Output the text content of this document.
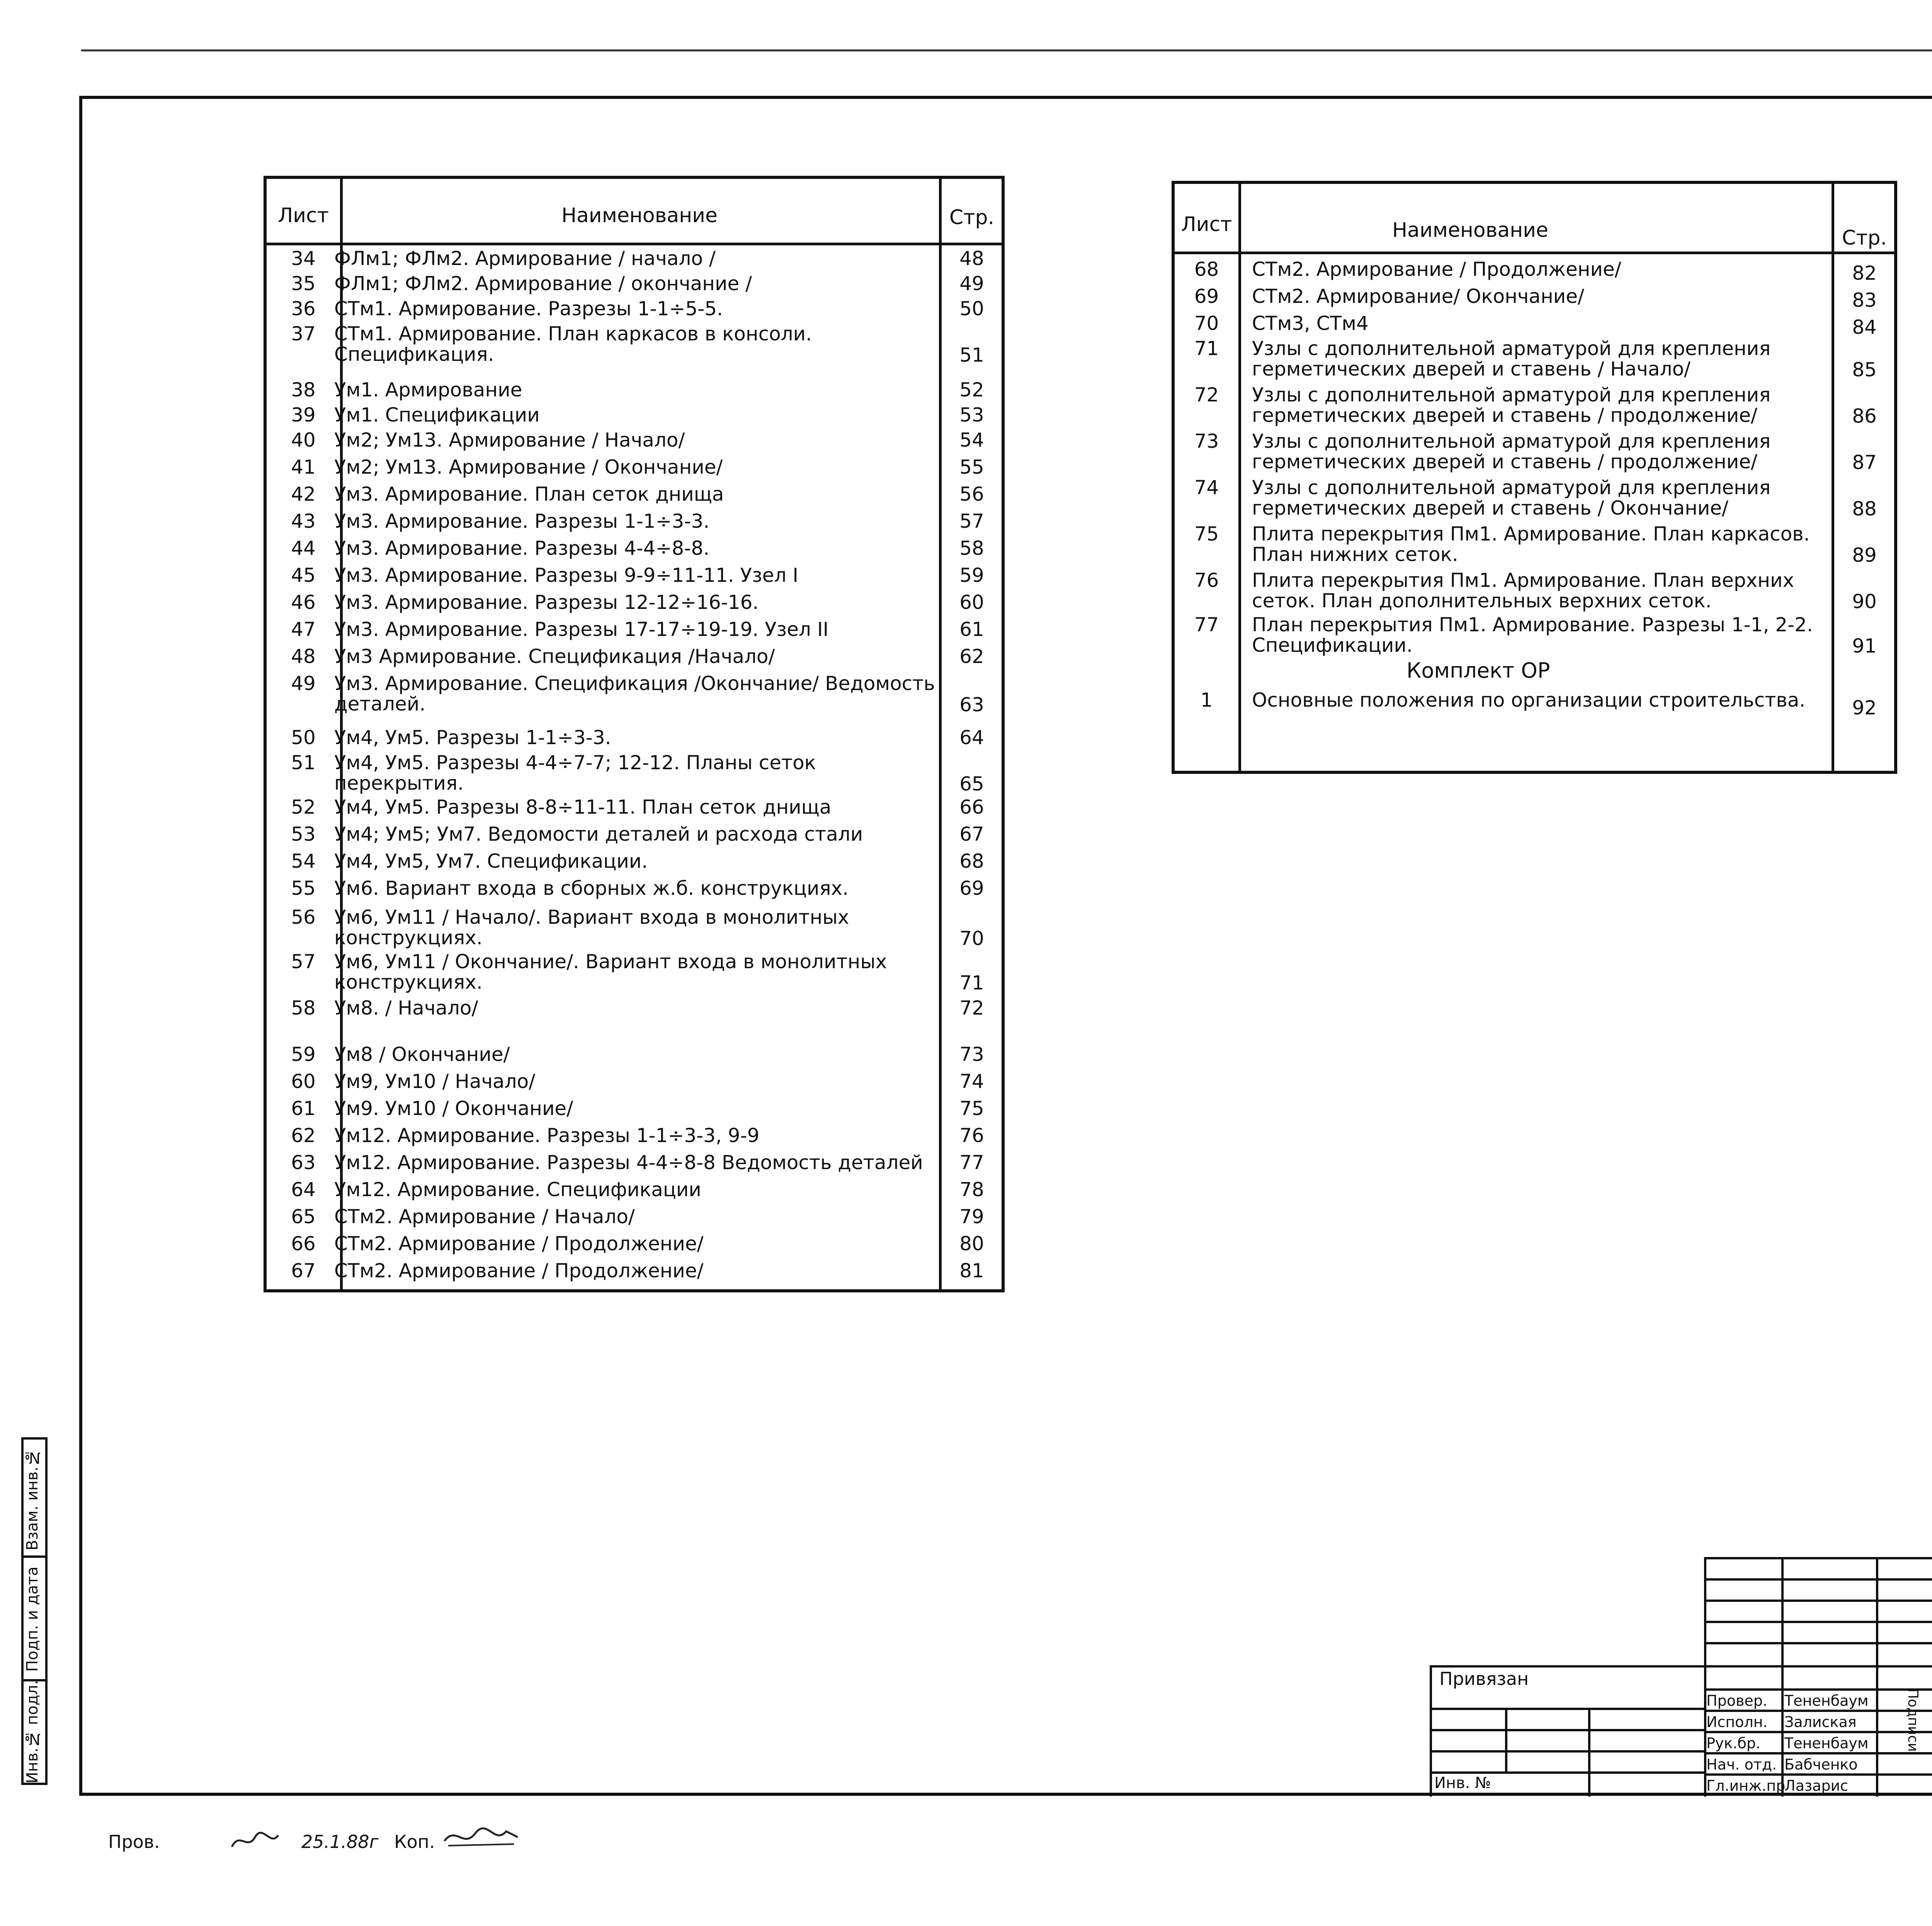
Лист	Наименование	Стр.
34 ФЛм1; ФЛм2. Армирование / начало /	48
35 ФЛм1; ФЛм2. Армирование / окончание /	49
36 СТм1. Армирование. Разрезы 1-1÷5-5.	50
37 СТм1. Армирование. План каркасов в консоли. Спецификация.	51
38 Ум1. Армирование	52
39 Ум1. Спецификации	53
40 Ум2; Ум13. Армирование / Начало/	54
41 Ум2; Ум13. Армирование / Окончание/	55
42 Ум3. Армирование. План сеток днища	56
43 Ум3. Армирование. Разрезы 1-1÷3-3.	57
44 Ум3. Армирование. Разрезы 4-4÷8-8.	58
45 Ум3. Армирование. Разрезы 9-9÷11-11. Узел I	59
46 Ум3. Армирование. Разрезы 12-12÷16-16.	60
47 Ум3. Армирование. Разрезы 17-17÷19-19. Узел II	61
48 Ум3 Армирование. Спецификация /Начало/	62
49 Ум3. Армирование. Спецификация /Окончание/ Ведомость деталей.	63
50 Ум4, Ум5. Разрезы 1-1÷3-3.	64
51 Ум4, Ум5. Разрезы 4-4÷7-7; 12-12. Планы сеток перекрытия.	65
52 Ум4, Ум5. Разрезы 8-8÷11-11. План сеток днища	66
53 Ум4; Ум5; Ум7. Ведомости деталей и расхода стали	67
54 Ум4, Ум5, Ум7. Спецификации.	68
55 Ум6. Вариант входа в сборных ж.б. конструкциях.	69
56 Ум6, Ум11 / Начало/. Вариант входа в монолитных конструкциях.	70
57 Ум6, Ум11 / Окончание/. Вариант входа в монолитных конструкциях.	71
58 Ум8. / Начало/	72
59 Ум8 / Окончание/	73
60 Ум9, Ум10 / Начало/	74
61 Ум9. Ум10 / Окончание/	75
62 Ум12. Армирование. Разрезы 1-1÷3-3, 9-9	76
63 Ум12. Армирование. Разрезы 4-4÷8-8 Ведомость деталей	77
64 Ум12. Армирование. Спецификации	78
65 СТм2. Армирование / Начало/	79
66 СТм2. Армирование / Продолжение/	80
67 СТм2. Армирование / Продолжение/	81
Лист	Наименование	Стр.
68	СТм2. Армирование / Продолжение/	82
69	СТм2. Армирование/ Окончание/	83
70	СТм3, СТм4	84
71	Узлы с дополнительной арматурой для крепления герметических дверей и ставень / Начало/	85
72	Узлы с дополнительной арматурой для крепления герметических дверей и ставень / продолжение/	86
73	Узлы с дополнительной арматурой для крепления герметических дверей и ставень / продолжение/	87
74	Узлы с дополнительной арматурой для крепления герметических дверей и ставень / Окончание/	88
75	Плита перекрытия Пм1. Армирование. План каркасов. План нижних сеток.	89
76	Плита перекрытия Пм1. Армирование. План верхних сеток. План дополнительных верхних сеток.	90
77	План перекрытия Пм1. Армирование. Разрезы 1-1, 2-2. Спецификации.	91
Комплект ОР
1	Основные положения по организации строительства.	92
Инв.№ подл.
Подп. и дата
Взам. инв.№
Привязан
Инв. №
Провер. Тененбаум
Исполн. Залиская
Рук.бр. Тененбаум
Нач. отд. Бабченко
Гл.инж.пр
Лазарис
Подписи
Пров.	25.1.88г Коп.
